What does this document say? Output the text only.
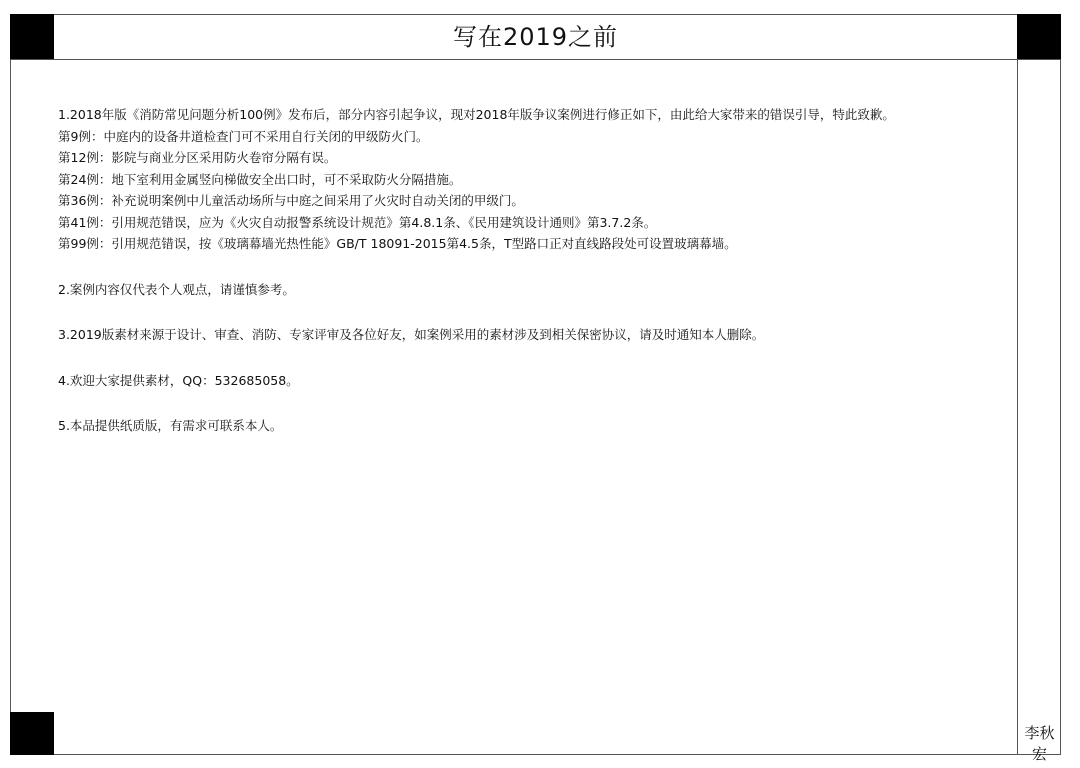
写在2019之前
李秋宏

1.2018年版《消防常见问题分析100例》发布后，部分内容引起争议，现对2018年版争议案例进行修正如下，由此给大家带来的错误引导，特此致歉。

第9例：中庭内的设备井道检查门可不采用自行关闭的甲级防火门。

第12例：影院与商业分区采用防火卷帘分隔有误。

第24例：地下室利用金属竖向梯做安全出口时，可不采取防火分隔措施。

第36例：补充说明案例中儿童活动场所与中庭之间采用了火灾时自动关闭的甲级门。

第41例：引用规范错误，应为《火灾自动报警系统设计规范》第4.8.1条、《民用建筑设计通则》第3.7.2条。

第99例：引用规范错误，按《玻璃幕墙光热性能》GB/T 18091-2015第4.5条，T型路口正对直线路段处可设置玻璃幕墙。

2.案例内容仅代表个人观点，请谨慎参考。

3.2019版素材来源于设计、审查、消防、专家评审及各位好友，如案例采用的素材涉及到相关保密协议，请及时通知本人删除。

4.欢迎大家提供素材，QQ：532685058。

5.本品提供纸质版，有需求可联系本人。
